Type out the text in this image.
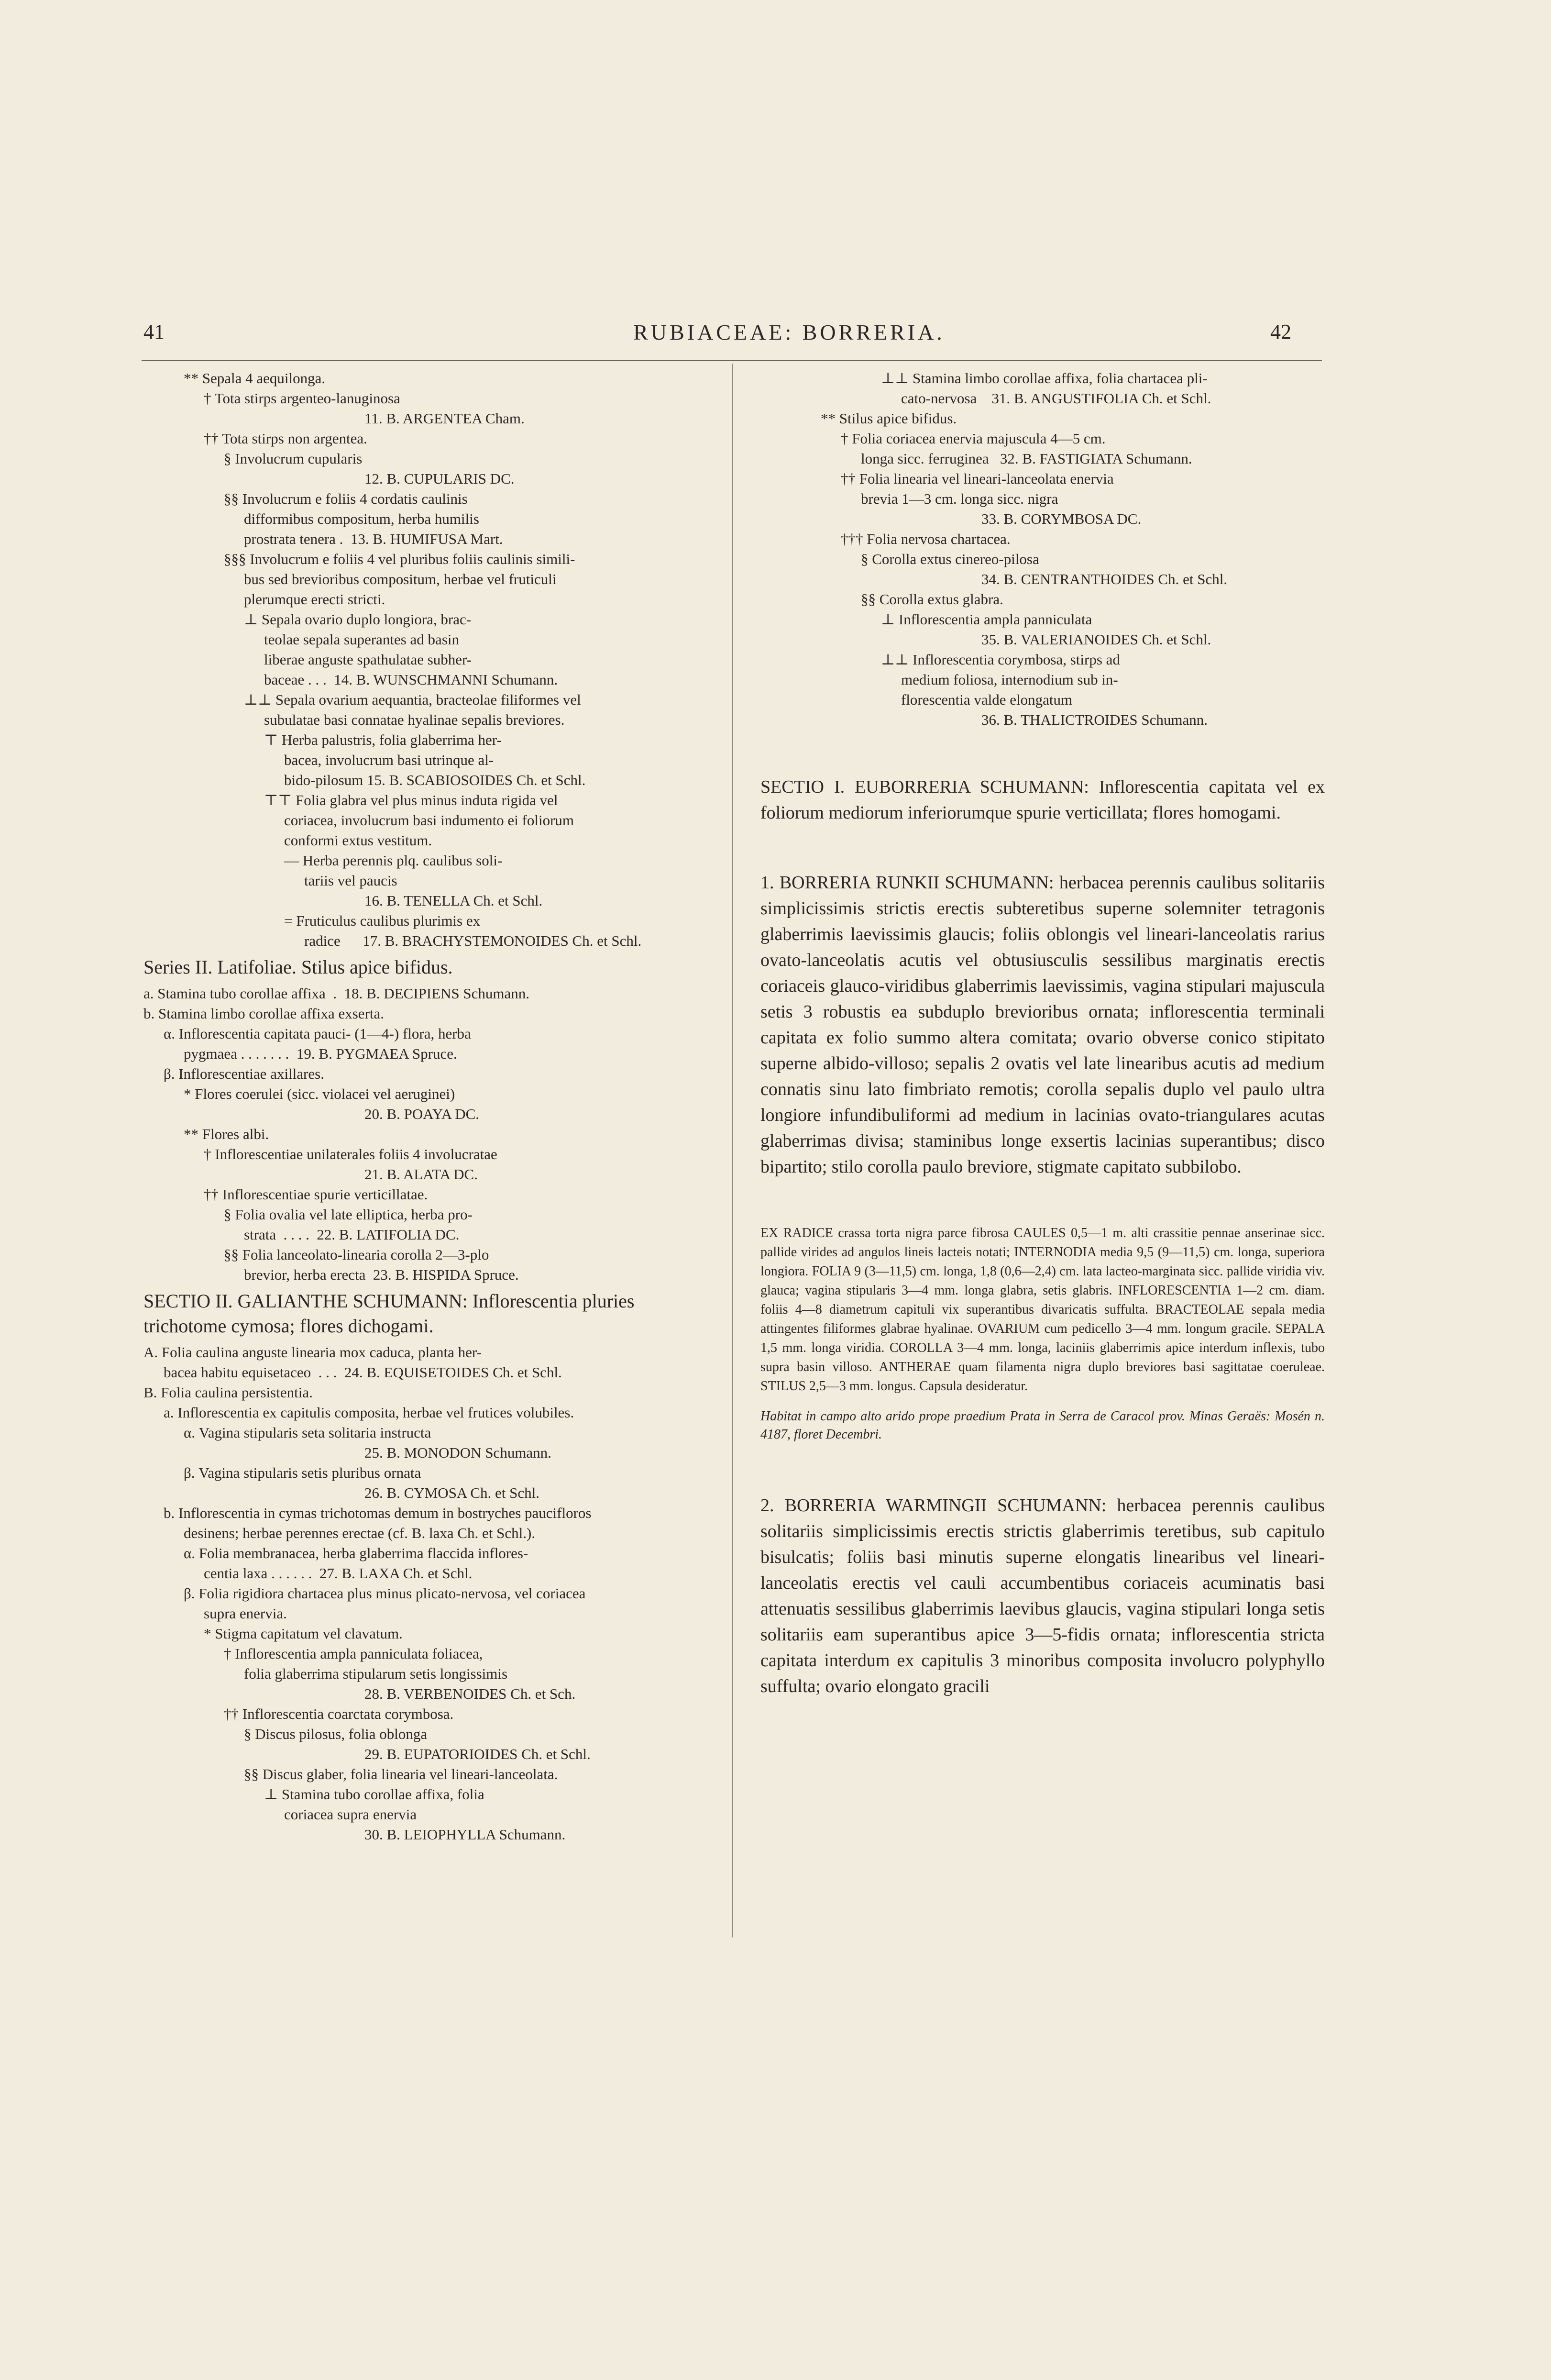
41	RUBIACEAE: BORRERIA.	42

** Sepala 4 aequilonga.

† Tota stirps argenteo-lanuginosa

11. B. ARGENTEA Cham.

†† Tota stirps non argentea.

§ Involucrum cupularis

12. B. CUPULARIS DC.

§§ Involucrum e foliis 4 cordatis caulinis

difformibus compositum, herba humilis

prostrata tenera .  13. B. HUMIFUSA Mart.

§§§ Involucrum e foliis 4 vel pluribus foliis caulinis simili-

bus sed brevioribus compositum, herbae vel fruticuli

plerumque erecti stricti.

⊥ Sepala ovario duplo longiora, brac-

teolae sepala superantes ad basin

liberae anguste spathulatae subher-

baceae . . .  14. B. WUNSCHMANNI Schumann.

⊥⊥ Sepala ovarium aequantia, bracteolae filiformes vel

subulatae basi connatae hyalinae sepalis breviores.

⊤ Herba palustris, folia glaberrima her-

bacea, involucrum basi utrinque al-

bido-pilosum 15. B. SCABIOSOIDES Ch. et Schl.

⊤⊤ Folia glabra vel plus minus induta rigida vel

coriacea, involucrum basi indumento ei foliorum

conformi extus vestitum.

— Herba perennis plq. caulibus soli-

tariis vel paucis

16. B. TENELLA Ch. et Schl.

= Fruticulus caulibus plurimis ex

radice      17. B. BRACHYSTEMONOIDES Ch. et Schl.

Series II. Latifoliae. Stilus apice bifidus.

a. Stamina tubo corollae affixa  .  18. B. DECIPIENS Schumann.

b. Stamina limbo corollae affixa exserta.

α. Inflorescentia capitata pauci- (1—4-) flora, herba

pygmaea . . . . . . .  19. B. PYGMAEA Spruce.

β. Inflorescentiae axillares.

* Flores coerulei (sicc. violacei vel aeruginei)

20. B. POAYA DC.

** Flores albi.

† Inflorescentiae unilaterales foliis 4 involucratae

21. B. ALATA DC.

†† Inflorescentiae spurie verticillatae.

§ Folia ovalia vel late elliptica, herba pro-

strata  . . . .  22. B. LATIFOLIA DC.

§§ Folia lanceolato-linearia corolla 2—3-plo

brevior, herba erecta  23. B. HISPIDA Spruce.

SECTIO II. GALIANTHE SCHUMANN: Inflorescentia pluries trichotome cymosa; flores dichogami.

A. Folia caulina anguste linearia mox caduca, planta her-

bacea habitu equisetaceo  . . .  24. B. EQUISETOIDES Ch. et Schl.

B. Folia caulina persistentia.

a. Inflorescentia ex capitulis composita, herbae vel frutices volubiles.

α. Vagina stipularis seta solitaria instructa

25. B. MONODON Schumann.

β. Vagina stipularis setis pluribus ornata

26. B. CYMOSA Ch. et Schl.

b. Inflorescentia in cymas trichotomas demum in bostryches paucifloros

desinens; herbae perennes erectae (cf. B. laxa Ch. et Schl.).

α. Folia membranacea, herba glaberrima flaccida inflores-

centia laxa . . . . . .  27. B. LAXA Ch. et Schl.

β. Folia rigidiora chartacea plus minus plicato-nervosa, vel coriacea

supra enervia.

* Stigma capitatum vel clavatum.

† Inflorescentia ampla panniculata foliacea,

folia glaberrima stipularum setis longissimis

28. B. VERBENOIDES Ch. et Sch.

†† Inflorescentia coarctata corymbosa.

§ Discus pilosus, folia oblonga

29. B. EUPATORIOIDES Ch. et Schl.

§§ Discus glaber, folia linearia vel lineari-lanceolata.

⊥ Stamina tubo corollae affixa, folia

coriacea supra enervia

30. B. LEIOPHYLLA Schumann.

⊥⊥ Stamina limbo corollae affixa, folia chartacea pli-

cato-nervosa    31. B. ANGUSTIFOLIA Ch. et Schl.

** Stilus apice bifidus.

† Folia coriacea enervia majuscula 4—5 cm.

longa sicc. ferruginea   32. B. FASTIGIATA Schumann.

†† Folia linearia vel lineari-lanceolata enervia

brevia 1—3 cm. longa sicc. nigra

33. B. CORYMBOSA DC.

††† Folia nervosa chartacea.

§ Corolla extus cinereo-pilosa

34. B. CENTRANTHOIDES Ch. et Schl.

§§ Corolla extus glabra.

⊥ Inflorescentia ampla panniculata

35. B. VALERIANOIDES Ch. et Schl.

⊥⊥ Inflorescentia corymbosa, stirps ad

medium foliosa, internodium sub in-

florescentia valde elongatum

36. B. THALICTROIDES Schumann.

SECTIO I. EUBORRERIA SCHUMANN: Inflorescentia capitata vel ex foliorum mediorum inferiorumque spurie verticillata; flores homogami.

1. BORRERIA RUNKII SCHUMANN: herbacea perennis caulibus solitariis simplicissimis strictis erectis subteretibus superne solemniter tetragonis glaberrimis laevissimis glaucis; foliis oblongis vel lineari-lanceolatis rarius ovato-lanceolatis acutis vel obtusiusculis sessilibus marginatis erectis coriaceis glauco-viridibus glaberrimis laevissimis, vagina stipulari majuscula setis 3 robustis ea subduplo brevioribus ornata; inflorescentia terminali capitata ex folio summo altera comitata; ovario obverse conico stipitato superne albido-villoso; sepalis 2 ovatis vel late linearibus acutis ad medium connatis sinu lato fimbriato remotis; corolla sepalis duplo vel paulo ultra longiore infundibuliformi ad medium in lacinias ovato-triangulares acutas glaberrimas divisa; staminibus longe exsertis lacinias superantibus; disco bipartito; stilo corolla paulo breviore, stigmate capitato subbilobo.

EX RADICE crassa torta nigra parce fibrosa CAULES 0,5—1 m. alti crassitie pennae anserinae sicc. pallide virides ad angulos lineis lacteis notati; INTERNODIA media 9,5 (9—11,5) cm. longa, superiora longiora. FOLIA 9 (3—11,5) cm. longa, 1,8 (0,6—2,4) cm. lata lacteo-marginata sicc. pallide viridia viv. glauca; vagina stipularis 3—4 mm. longa glabra, setis glabris. INFLORESCENTIA 1—2 cm. diam. foliis 4—8 diametrum capituli vix superantibus divaricatis suffulta. BRACTEOLAE sepala media attingentes filiformes glabrae hyalinae. OVARIUM cum pedicello 3—4 mm. longum gracile. SEPALA 1,5 mm. longa viridia. COROLLA 3—4 mm. longa, laciniis glaberrimis apice interdum inflexis, tubo supra basin villoso. ANTHERAE quam filamenta nigra duplo breviores basi sagittatae coeruleae. STILUS 2,5—3 mm. longus. Capsula desideratur.

Habitat in campo alto arido prope praedium Prata in Serra de Caracol prov. Minas Geraës: Mosén n. 4187, floret Decembri.

2. BORRERIA WARMINGII SCHUMANN: herbacea perennis caulibus solitariis simplicissimis erectis strictis glaberrimis teretibus, sub capitulo bisulcatis; foliis basi minutis superne elongatis linearibus vel lineari-lanceolatis erectis vel cauli accumbentibus coriaceis acuminatis basi attenuatis sessilibus glaberrimis laevibus glaucis, vagina stipulari longa setis solitariis eam superantibus apice 3—5-fidis ornata; inflorescentia stricta capitata interdum ex capitulis 3 minoribus composita involucro polyphyllo suffulta; ovario elongato gracili
